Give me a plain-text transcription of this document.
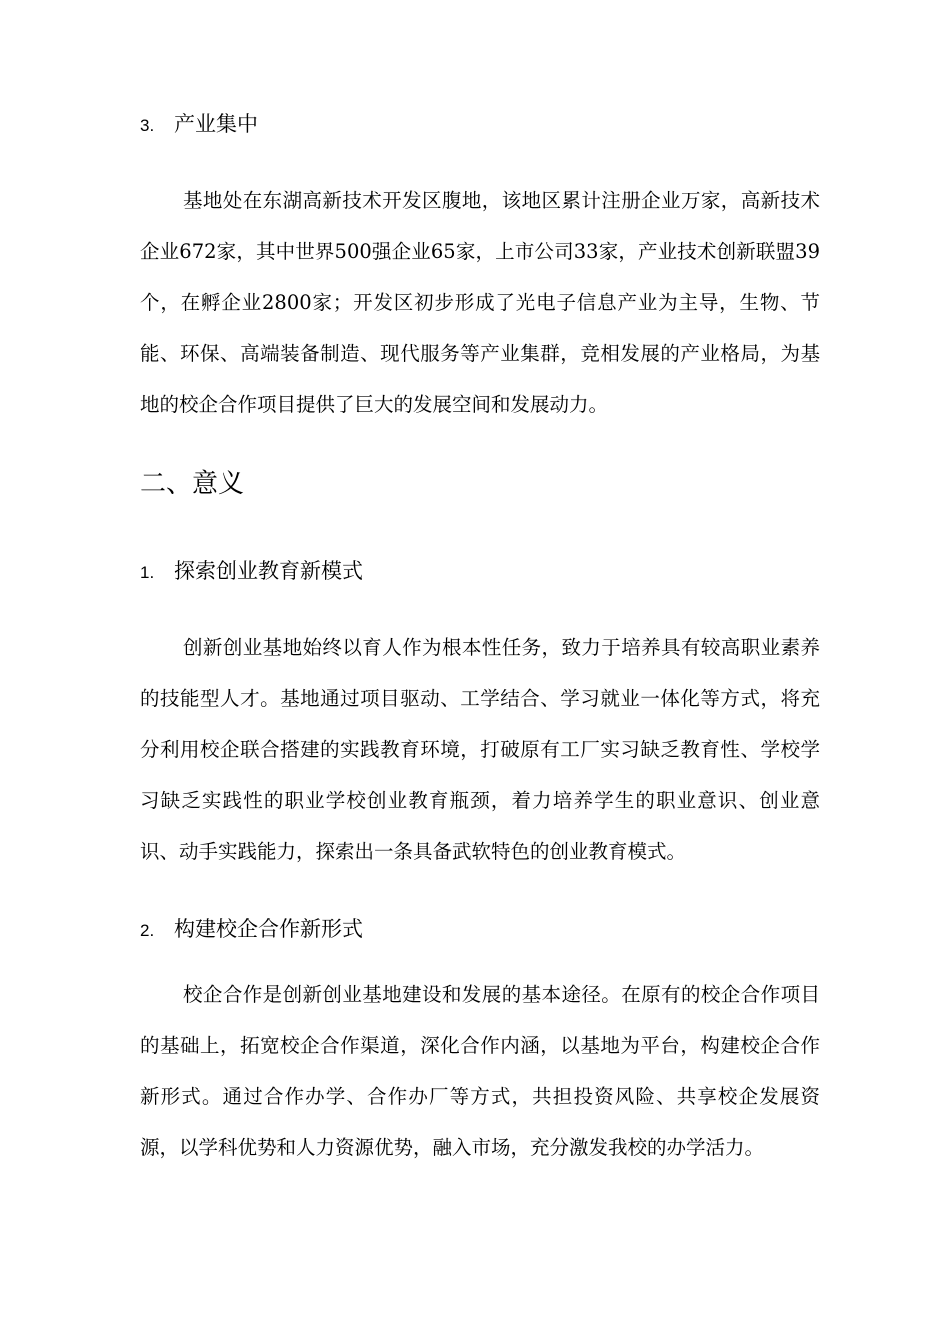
3. 产业集中

基地处在东湖高新技术开发区腹地，该地区累计注册企业万家，高新技术企业672家，其中世界500强企业65家，上市公司33家，产业技术创新联盟39个，在孵企业2800家；开发区初步形成了光电子信息产业为主导，生物、节能、环保、高端装备制造、现代服务等产业集群，竞相发展的产业格局，为基地的校企合作项目提供了巨大的发展空间和发展动力。

二、意义
1. 探索创业教育新模式

创新创业基地始终以育人作为根本性任务，致力于培养具有较高职业素养的技能型人才。基地通过项目驱动、工学结合、学习就业一体化等方式，将充分利用校企联合搭建的实践教育环境，打破原有工厂实习缺乏教育性、学校学习缺乏实践性的职业学校创业教育瓶颈，着力培养学生的职业意识、创业意识、动手实践能力，探索出一条具备武软特色的创业教育模式。

2. 构建校企合作新形式

校企合作是创新创业基地建设和发展的基本途径。在原有的校企合作项目的基础上，拓宽校企合作渠道，深化合作内涵，以基地为平台，构建校企合作新形式。通过合作办学、合作办厂等方式，共担投资风险、共享校企发展资源，以学科优势和人力资源优势，融入市场，充分激发我校的办学活力。
